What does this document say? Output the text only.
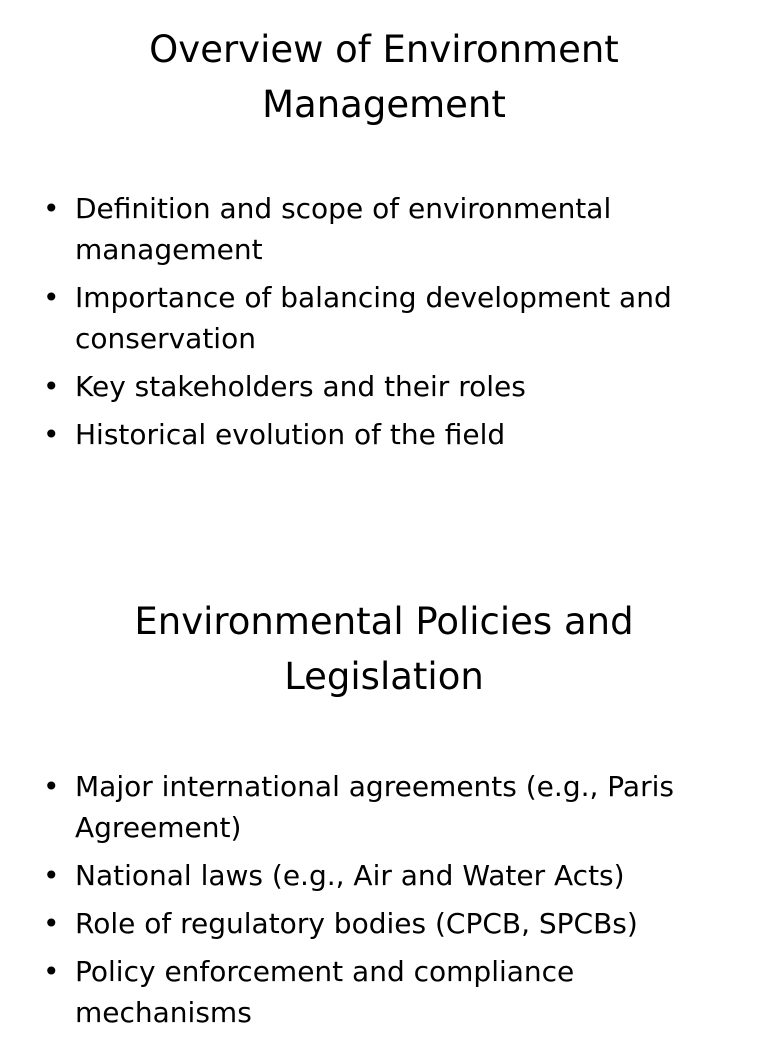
Overview of Environment Management
• Definition and scope of environmental management
• Importance of balancing development and conservation
• Key stakeholders and their roles
• Historical evolution of the field
Environmental Policies and Legislation
• Major international agreements (e.g., Paris Agreement)
• National laws (e.g., Air and Water Acts)
• Role of regulatory bodies (CPCB, SPCBs)
• Policy enforcement and compliance mechanisms
